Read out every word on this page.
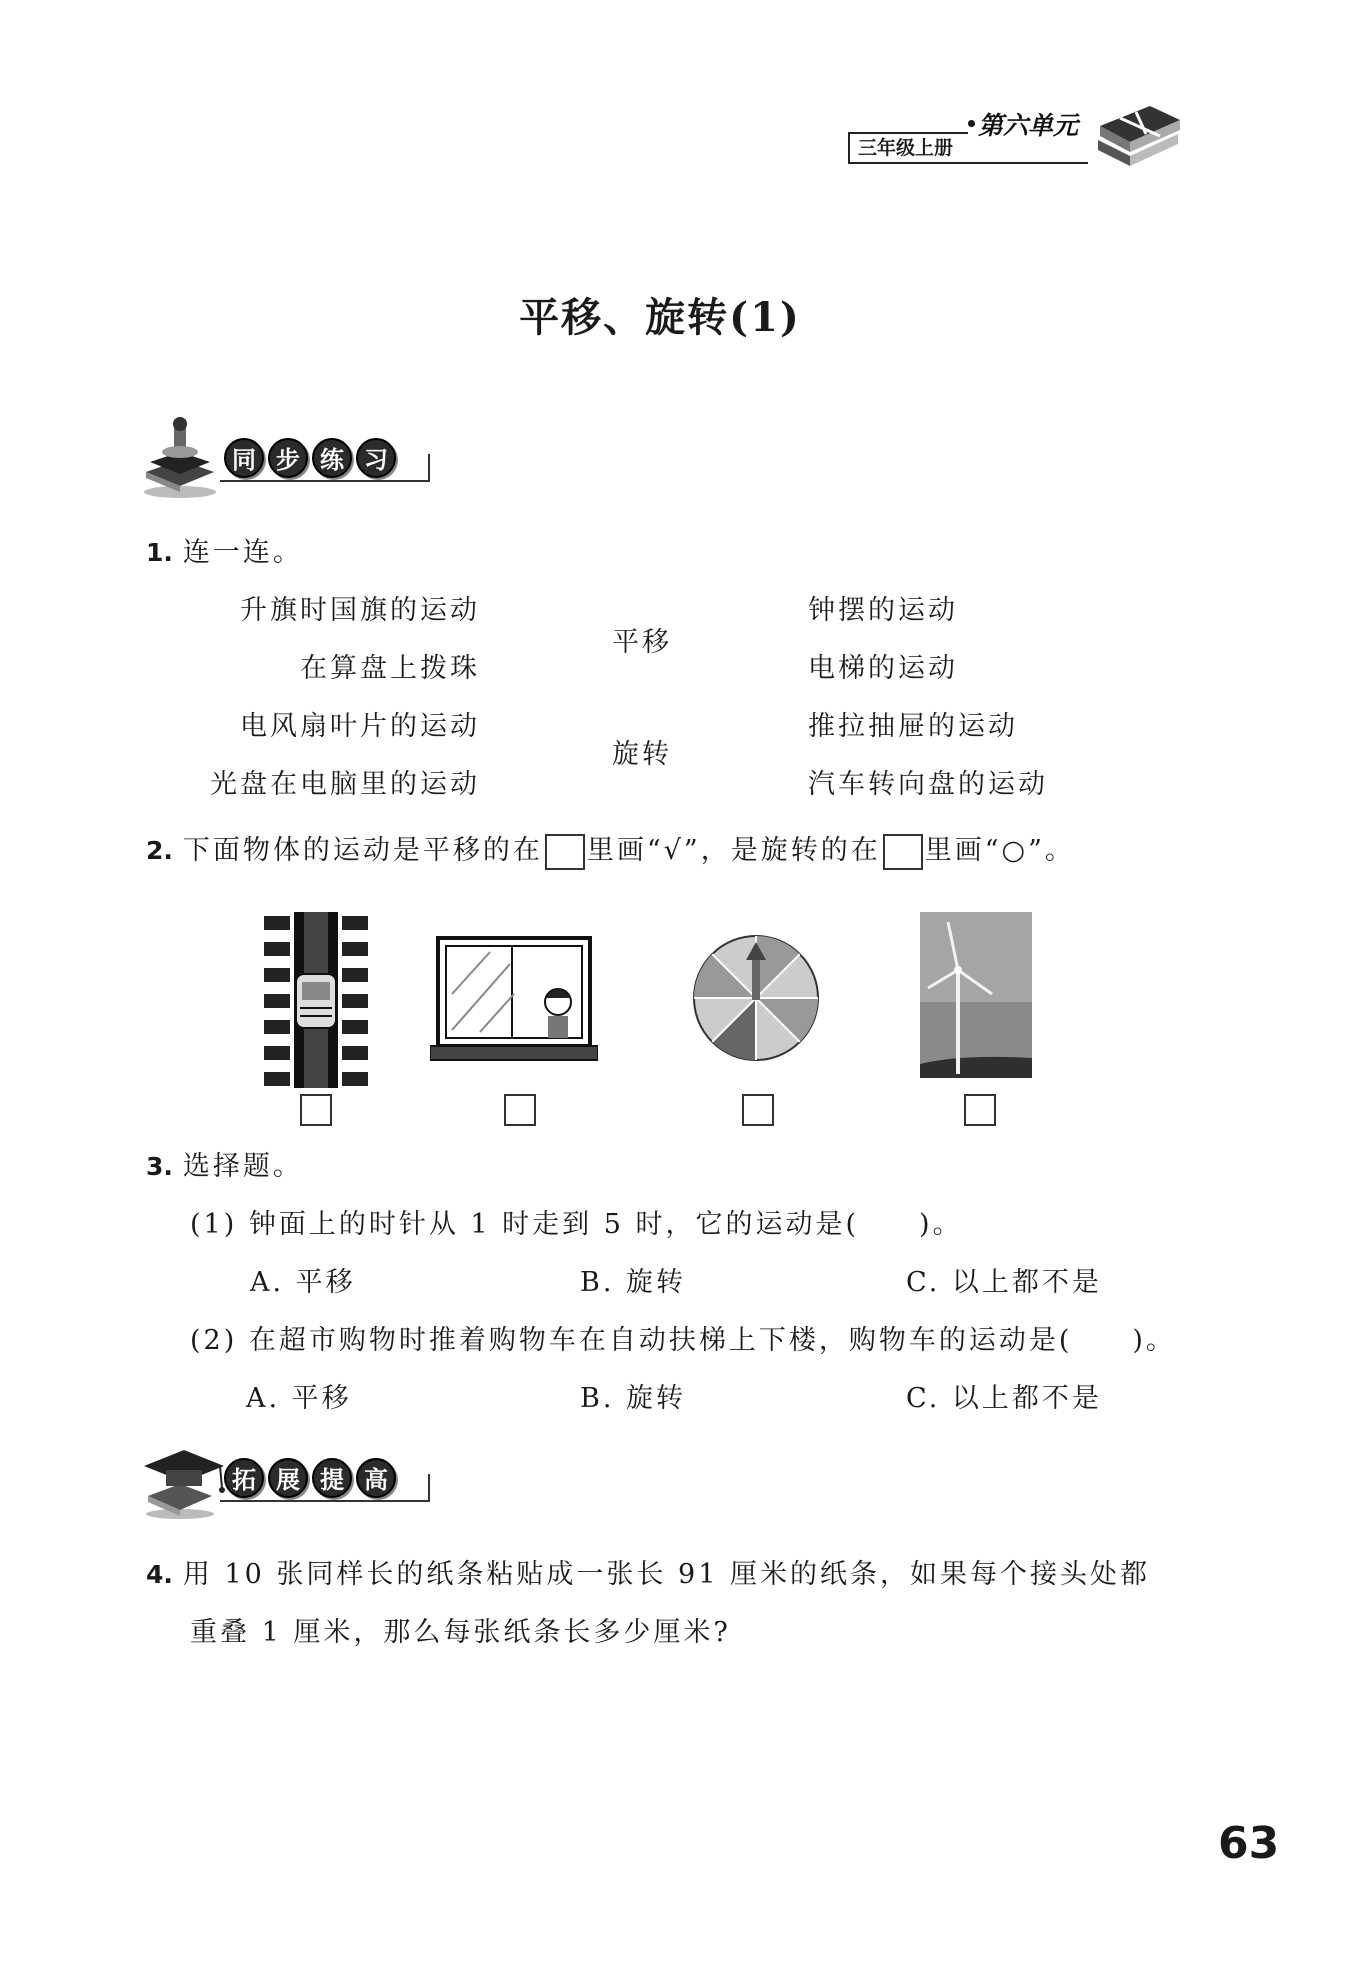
三年级上册
第六单元
平移、旋转(1)
同 步 练 习
1. 连一连。
升旗时国旗的运动
在算盘上拨珠
电风扇叶片的运动
光盘在电脑里的运动
平移
旋转
钟摆的运动
电梯的运动
推拉抽屉的运动
汽车转向盘的运动
2. 下面物体的运动是平移的在 里画“√”，是旋转的在 里画“○”。
3. 选择题。
(1) 钟面上的时针从 1 时走到 5 时，它的运动是(　　)。
A. 平移	B. 旋转	C. 以上都不是
(2) 在超市购物时推着购物车在自动扶梯上下楼，购物车的运动是(　　)。
A. 平移	B. 旋转	C. 以上都不是
拓 展 提 高
4. 用 10 张同样长的纸条粘贴成一张长 91 厘米的纸条，如果每个接头处都
重叠 1 厘米，那么每张纸条长多少厘米?
63
